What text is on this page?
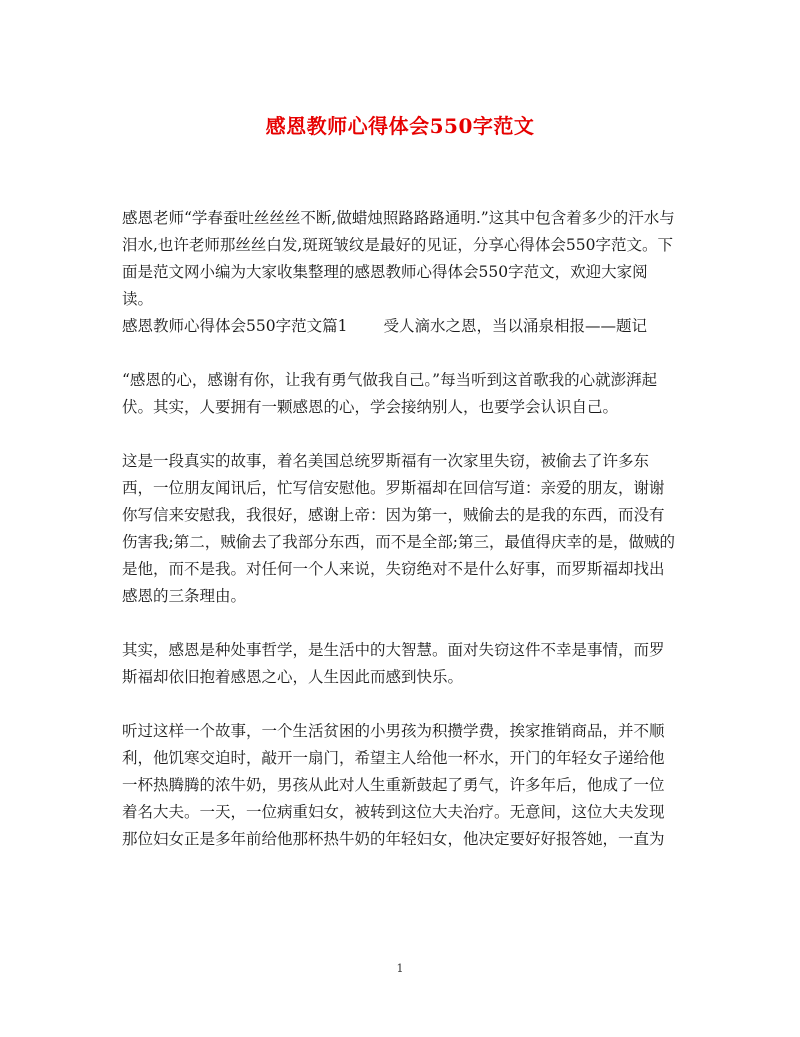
感恩教师心得体会550字范文

感恩老师“学春蚕吐丝丝丝不断,做蜡烛照路路路通明.”这其中包含着多少的汗水与泪水,也许老师那丝丝白发,斑斑皱纹是最好的见证，分享心得体会550字范文。下面是范文网小编为大家收集整理的感恩教师心得体会550字范文，欢迎大家阅读。

感恩教师心得体会550字范文篇1 受人滴水之恩，当以涌泉相报——题记

“感恩的心，感谢有你，让我有勇气做我自己。”每当听到这首歌我的心就澎湃起伏。其实，人要拥有一颗感恩的心，学会接纳别人，也要学会认识自己。

这是一段真实的故事，着名美国总统罗斯福有一次家里失窃，被偷去了许多东西，一位朋友闻讯后，忙写信安慰他。罗斯福却在回信写道：亲爱的朋友，谢谢你写信来安慰我，我很好，感谢上帝：因为第一，贼偷去的是我的东西，而没有伤害我;第二，贼偷去了我部分东西，而不是全部;第三，最值得庆幸的是，做贼的是他，而不是我。对任何一个人来说，失窃绝对不是什么好事，而罗斯福却找出感恩的三条理由。

其实，感恩是种处事哲学，是生活中的大智慧。面对失窃这件不幸是事情，而罗斯福却依旧抱着感恩之心，人生因此而感到快乐。

听过这样一个故事，一个生活贫困的小男孩为积攒学费，挨家推销商品，并不顺利，他饥寒交迫时，敲开一扇门，希望主人给他一杯水，开门的年轻女子递给他一杯热腾腾的浓牛奶，男孩从此对人生重新鼓起了勇气，许多年后，他成了一位着名大夫。一天，一位病重妇女，被转到这位大夫治疗。无意间，这位大夫发现那位妇女正是多年前给他那杯热牛奶的年轻妇女，他决定要好好报答她，一直为

1
